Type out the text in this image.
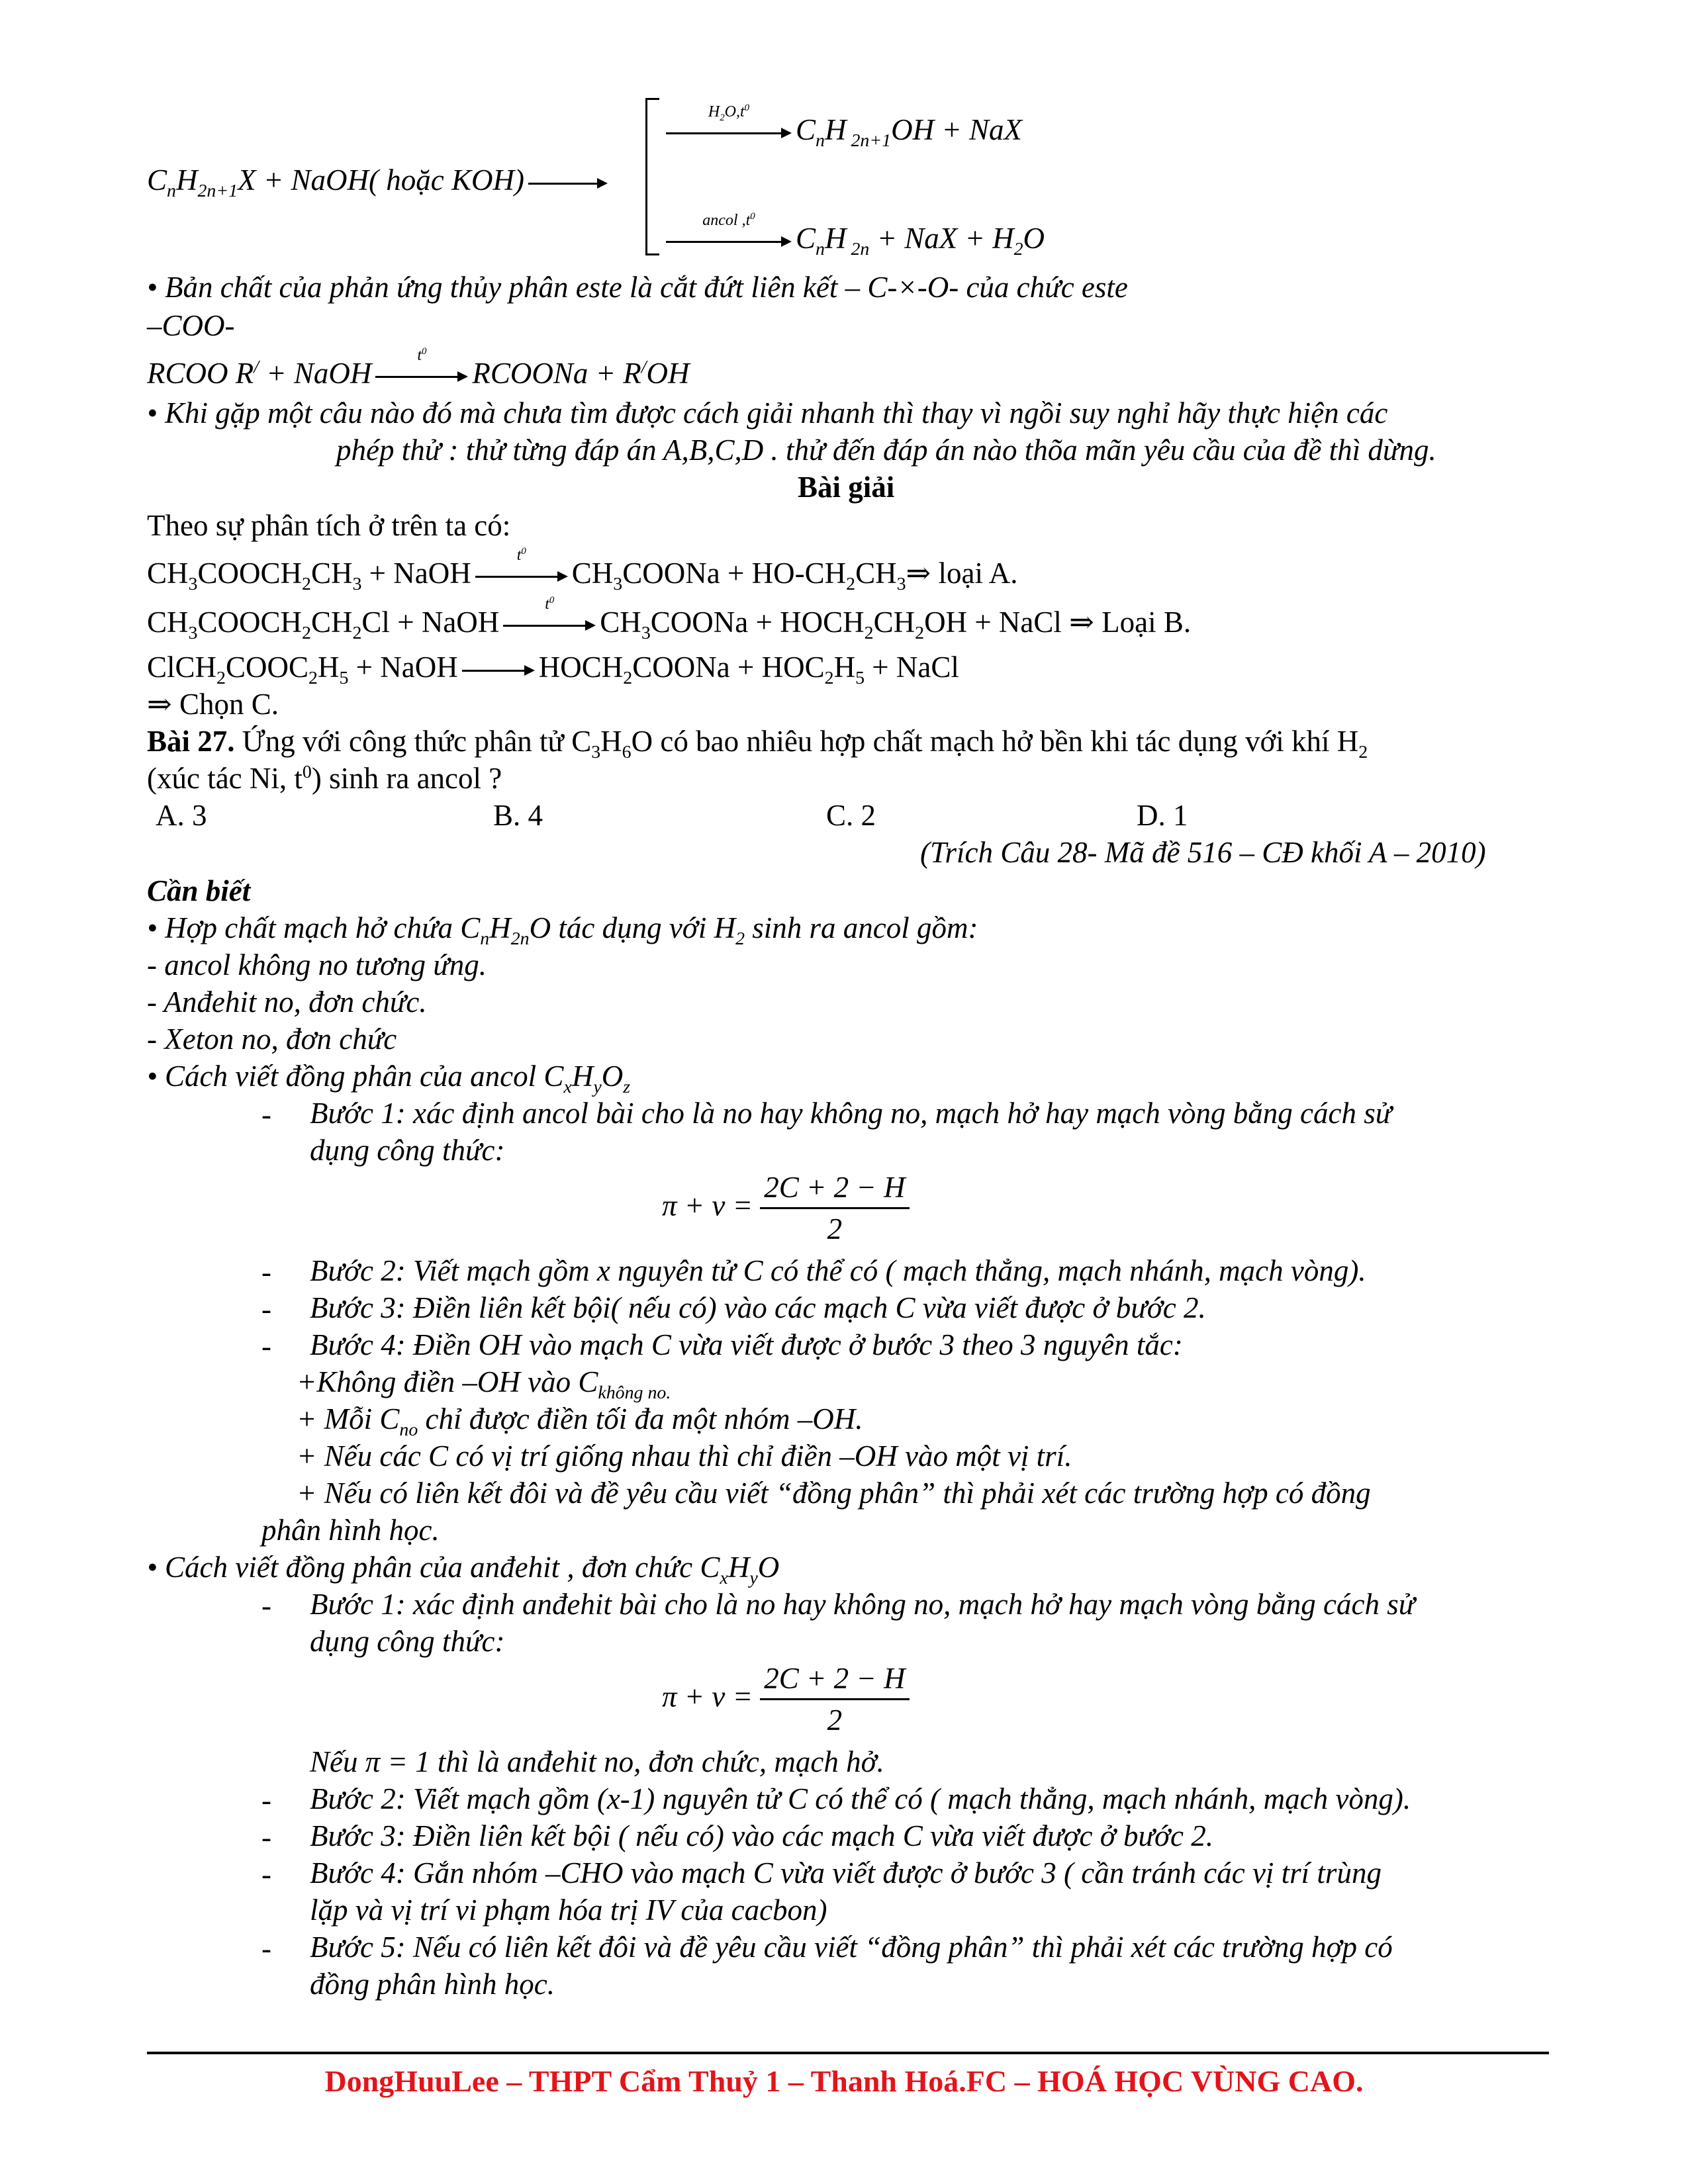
$C_nH_{2n+1}X$ + NaOH( hoặc KOH)
$H_2O,t^0$
$C_nH$ $_{2n+1}$OH + NaX
ancol $,t^0$
$C_nH$ $_{2n}$ + NaX + $H_2O$
• Bản chất của phản ứng thủy phân este là cắt đứt liên kết – C-×-O- của chức este
–COO-
RCOO R/ + NaOH
$t^0$
RCOONa + R/OH
• Khi gặp một câu nào đó mà chưa tìm được cách giải nhanh thì thay vì ngồi suy nghỉ hãy thực hiện các
phép thử : thử từng đáp án A,B,C,D . thử đến đáp án nào thõa mãn yêu cầu của đề thì dừng.
Bài giải
Theo sự phân tích ở trên ta có:
$CH_3COOCH_2CH_3$ + NaOH
$t^0$
$CH_3COONa$ + $HO-CH_2CH_3\Rightarrow$ loại A.
$CH_3COOCH_2CH_2Cl$ + NaOH
$t^0$
$CH_3COONa$ + $HOCH_2CH_2OH$ + NaCl ⇒ Loại B.
$ClCH_2COOC_2H_5$ + NaOH	$HOCH_2COONa + HOC_2H_5$ + NaCl
⇒ Chọn C.
Bài 27. Ứng với công thức phân tử $C_3H_6O$ có bao nhiêu hợp chất mạch hở bền khi tác dụng với khí $H_2$
(xúc tác Ni, $t^0$) sinh ra ancol ?
A. 3	B. 4	C. 2	D. 1
(Trích Câu 28- Mã đề 516 – CĐ khối A – 2010)
Cần biết
• Hợp chất mạch hở chứa $C_nH_{2n}O$ tác dụng với $H_2$ sinh ra ancol gồm:
- ancol không no tương ứng.
- Anđehit no, đơn chức.
- Xeton no, đơn chức
• Cách viết đồng phân của ancol $C_xH_yO_z$
- Bước 1: xác định ancol bài cho là no hay không no, mạch hở hay mạch vòng bằng cách sử
dụng công thức:
$\pi + v = \frac{2C + 2 - H}{2}$
- Bước 2: Viết mạch gồm x nguyên tử C có thể có ( mạch thẳng, mạch nhánh, mạch vòng).
- Bước 3: Điền liên kết bội( nếu có) vào các mạch C vừa viết được ở bước 2.
- Bước 4: Điền OH vào mạch C vừa viết được ở bước 3 theo 3 nguyên tắc:
+Không điền –OH vào $C_{không no.}$
+ Mỗi $C_{no}$ chỉ được điền tối đa một nhóm –OH.
+ Nếu các C có vị trí giống nhau thì chỉ điền –OH vào một vị trí.
+ Nếu có liên kết đôi và đề yêu cầu viết “đồng phân” thì phải xét các trường hợp có đồng
phân hình học.
• Cách viết đồng phân của anđehit , đơn chức $C_xH_yO$
- Bước 1: xác định anđehit bài cho là no hay không no, mạch hở hay mạch vòng bằng cách sử
dụng công thức:
$\pi + v = \frac{2C + 2 - H}{2}$
Nếu π = 1 thì là anđehit no, đơn chức, mạch hở.
- Bước 2: Viết mạch gồm (x-1) nguyên tử C có thể có ( mạch thẳng, mạch nhánh, mạch vòng).
- Bước 3: Điền liên kết bội ( nếu có) vào các mạch C vừa viết được ở bước 2.
- Bước 4: Gắn nhóm –CHO vào mạch C vừa viết được ở bước 3 ( cần tránh các vị trí trùng
lặp và vị trí vi phạm hóa trị IV của cacbon)
- Bước 5: Nếu có liên kết đôi và đề yêu cầu viết “đồng phân” thì phải xét các trường hợp có
đồng phân hình học.
DongHuuLee – THPT Cẩm Thuỷ 1 – Thanh Hoá.FC – HOÁ HỌC VÙNG CAO.
